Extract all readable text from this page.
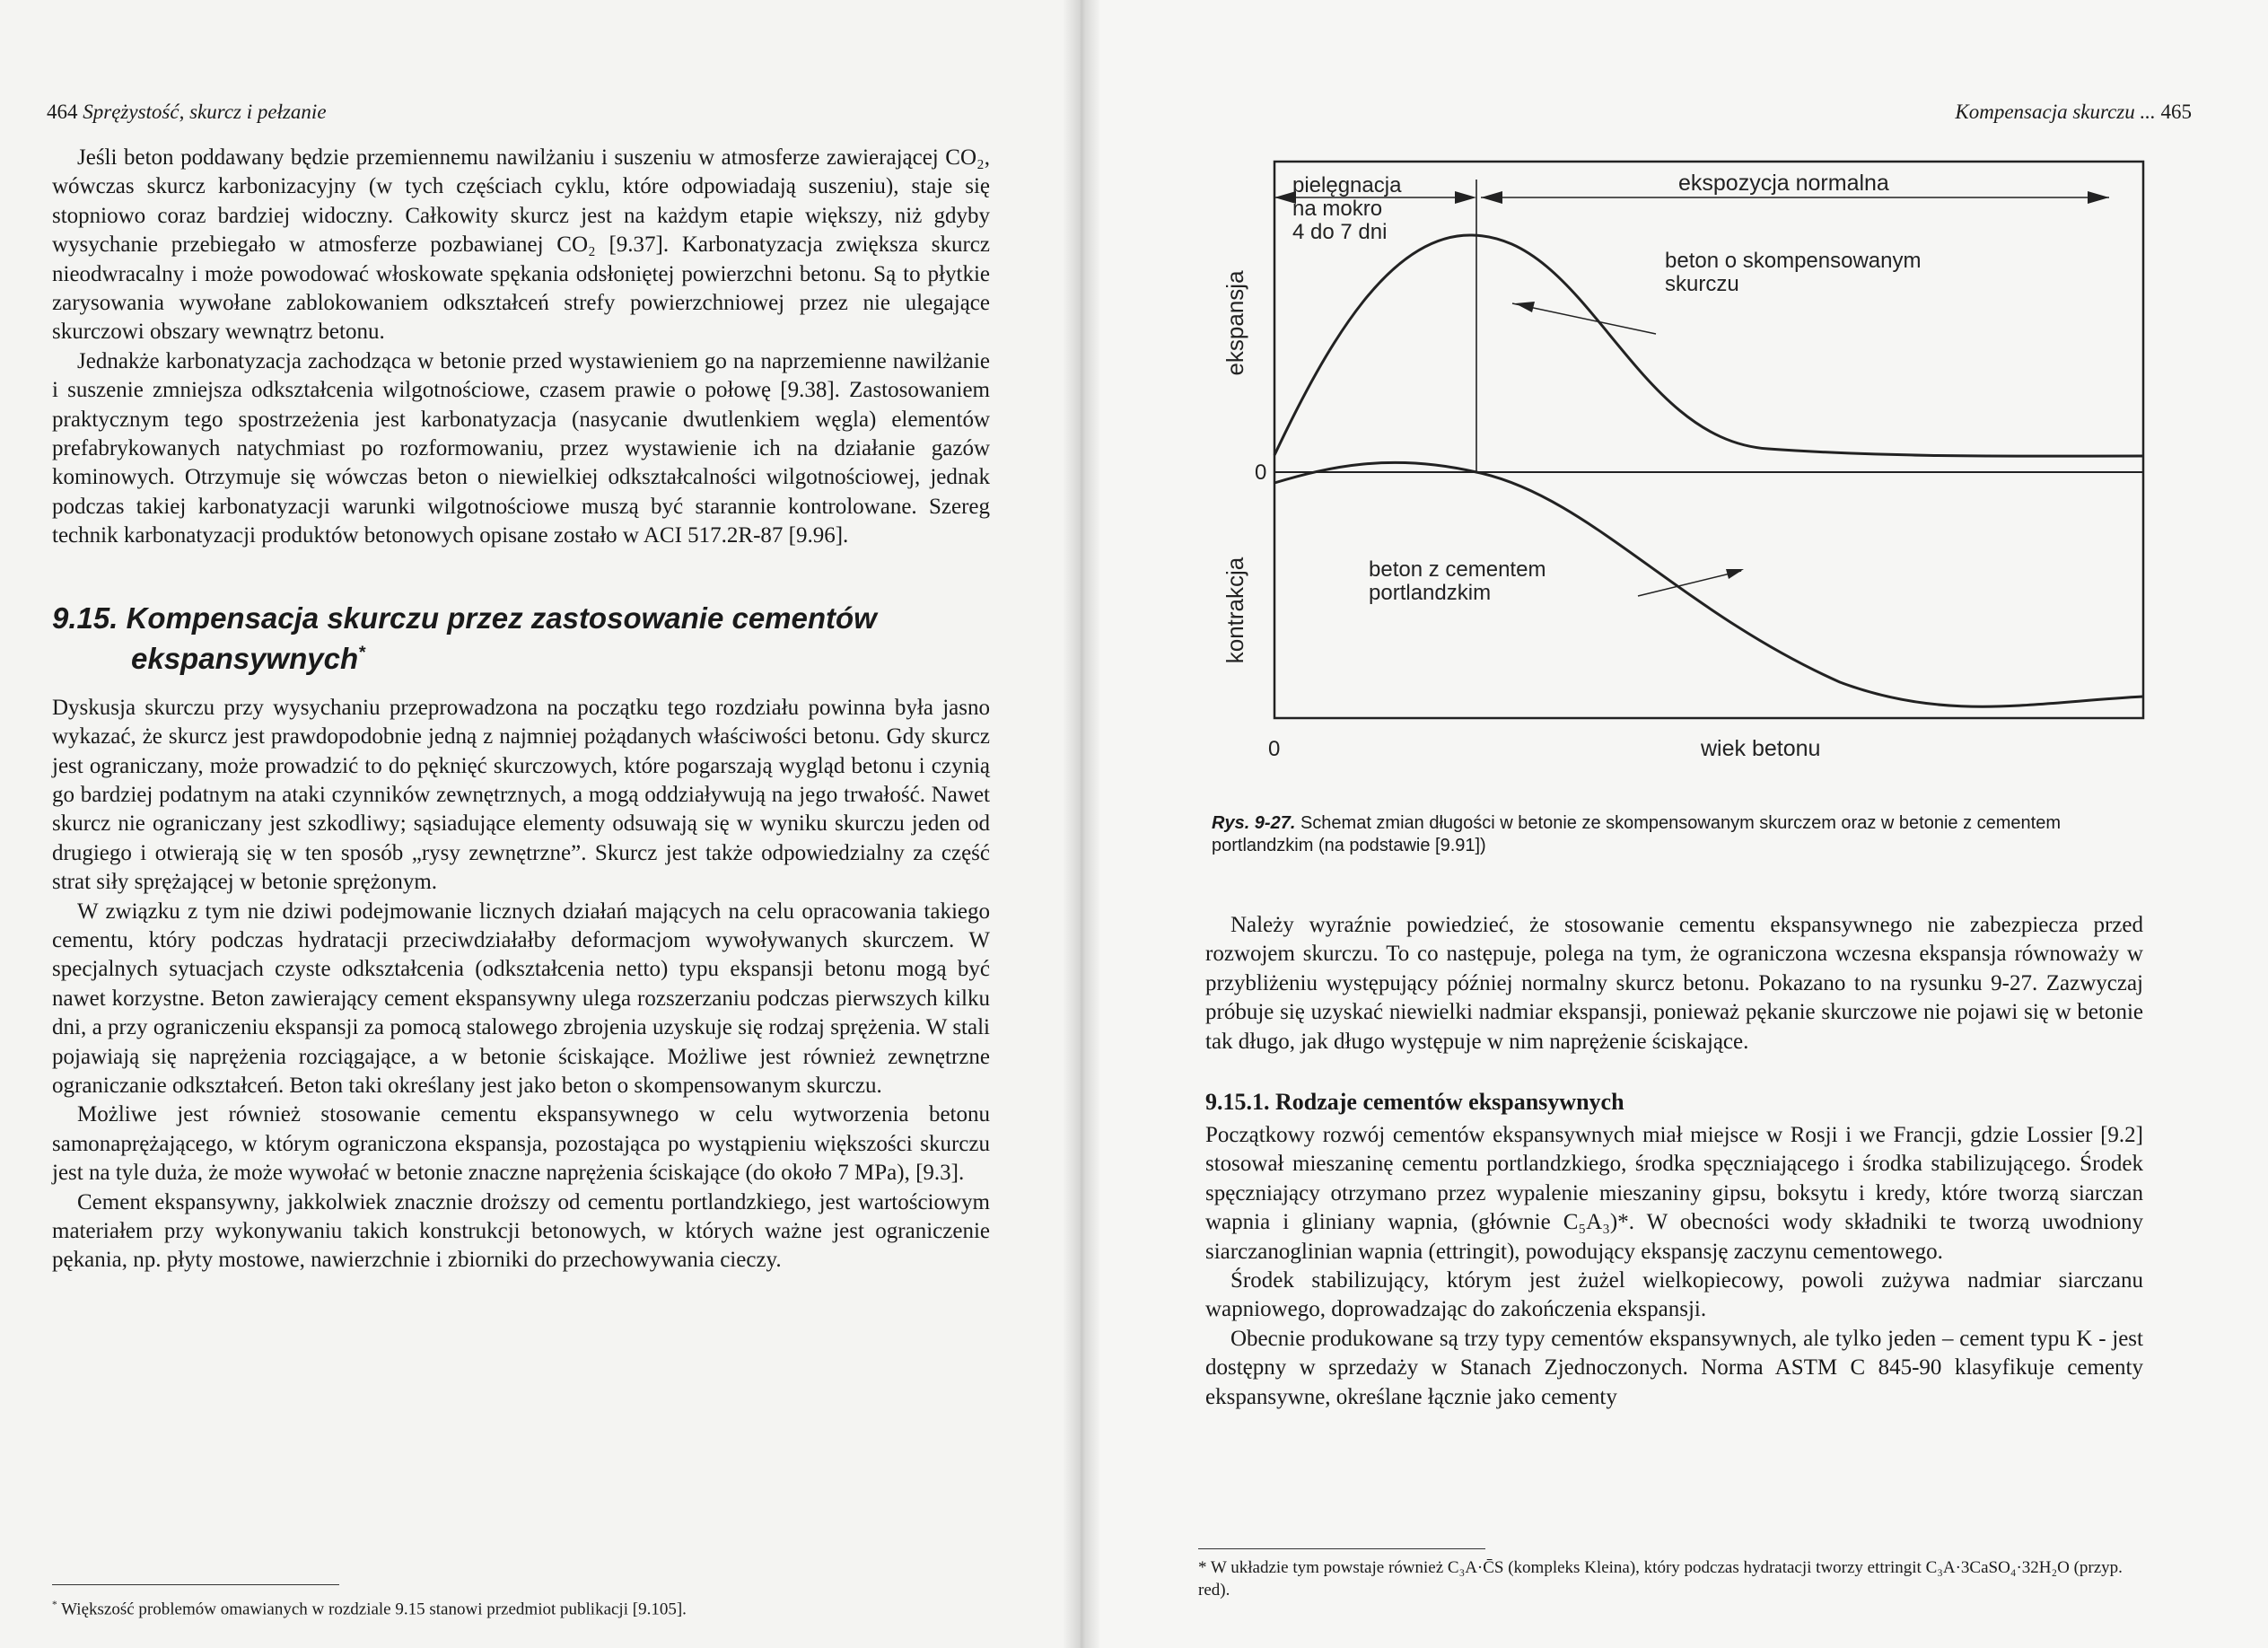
464 Sprężystość, skurcz i pełzanie

Jeśli beton poddawany będzie przemiennemu nawilżaniu i suszeniu w atmosferze zawierającej CO₂, wówczas skurcz karbonizacyjny (w tych częściach cyklu, które odpowiadają suszeniu), staje się stopniowo coraz bardziej widoczny. Całkowity skurcz jest na każdym etapie większy, niż gdyby wysychanie przebiegało w atmosferze pozbawianej CO₂ [9.37]. Karbonatyzacja zwiększa skurcz nieodwracalny i może powodować włoskowate spękania odsłoniętej powierzchni betonu. Są to płytkie zarysowania wywołane zablokowaniem odkształceń strefy powierzchniowej przez nie ulegające skurczowi obszary wewnątrz betonu.

Jednakże karbonatyzacja zachodząca w betonie przed wystawieniem go na naprzemienne nawilżanie i suszenie zmniejsza odkształcenia wilgotnościowe, czasem prawie o połowę [9.38]. Zastosowaniem praktycznym tego spostrzeżenia jest karbonatyzacja (nasycanie dwutlenkiem węgla) elementów prefabrykowanych natychmiast po rozformowaniu, przez wystawienie ich na działanie gazów kominowych. Otrzymuje się wówczas beton o niewielkiej odkształcalności wilgotnościowej, jednak podczas takiej karbonatyzacji warunki wilgotnościowe muszą być starannie kontrolowane. Szereg technik karbonatyzacji produktów betonowych opisane zostało w ACI 517.2R-87 [9.96].

9.15. Kompensacja skurczu przez zastosowanie cementów ekspansywnych*

Dyskusja skurczu przy wysychaniu przeprowadzona na początku tego rozdziału powinna była jasno wykazać, że skurcz jest prawdopodobnie jedną z najmniej pożądanych właściwości betonu. Gdy skurcz jest ograniczany, może prowadzić to do pęknięć skurczowych, które pogarszają wygląd betonu i czynią go bardziej podatnym na ataki czynników zewnętrznych, a mogą oddziaływują na jego trwałość. Nawet skurcz nie ograniczany jest szkodliwy; sąsiadujące elementy odsuwają się w wyniku skurczu jeden od drugiego i otwierają się w ten sposób „rysy zewnętrzne”. Skurcz jest także odpowiedzialny za część strat siły sprężającej w betonie sprężonym.

W związku z tym nie dziwi podejmowanie licznych działań mających na celu opracowania takiego cementu, który podczas hydratacji przeciwdziałałby deformacjom wywoływanych skurczem. W specjalnych sytuacjach czyste odkształcenia (odkształcenia netto) typu ekspansji betonu mogą być nawet korzystne. Beton zawierający cement ekspansywny ulega rozszerzaniu podczas pierwszych kilku dni, a przy ograniczeniu ekspansji za pomocą stalowego zbrojenia uzyskuje się rodzaj sprężenia. W stali pojawiają się naprężenia rozciągające, a w betonie ściskające. Możliwe jest również zewnętrzne ograniczanie odkształceń. Beton taki określany jest jako beton o skompensowanym skurczu.

Możliwe jest również stosowanie cementu ekspansywnego w celu wytworzenia betonu samonaprężającego, w którym ograniczona ekspansja, pozostająca po wystąpieniu większości skurczu jest na tyle duża, że może wywołać w betonie znaczne naprężenia ściskające (do około 7 MPa), [9.3].

Cement ekspansywny, jakkolwiek znacznie droższy od cementu portlandzkiego, jest wartościowym materiałem przy wykonywaniu takich konstrukcji betonowych, w których ważne jest ograniczenie pękania, np. płyty mostowe, nawierzchnie i zbiorniki do przechowywania cieczy.

* Większość problemów omawianych w rozdziale 9.15 stanowi przedmiot publikacji [9.105].
Kompensacja skurczu ... 465

Należy wyraźnie powiedzieć, że stosowanie cementu ekspansywnego nie zabezpiecza przed rozwojem skurczu. To co następuje, polega na tym, że ograniczona wczesna ekspansja równoważy w przybliżeniu występujący później normalny skurcz betonu. Pokazano to na rysunku 9-27. Zazwyczaj próbuje się uzyskać niewielki nadmiar ekspansji, ponieważ pękanie skurczowe nie pojawi się w betonie tak długo, jak długo występuje w nim naprężenie ściskające.

9.15.1. Rodzaje cementów ekspansywnych

Początkowy rozwój cementów ekspansywnych miał miejsce w Rosji i we Francji, gdzie Lossier [9.2] stosował mieszaninę cementu portlandzkiego, środka spęczniającego i środka stabilizującego. Środek spęczniający otrzymano przez wypalenie mieszaniny gipsu, boksytu i kredy, które tworzą siarczan wapnia i gliniany wapnia, (głównie C₅A₃)*. W obecności wody składniki te tworzą uwodniony siarczanoglinian wapnia (ettringit), powodujący ekspansję zaczynu cementowego.

Środek stabilizujący, którym jest żużel wielkopiecowy, powoli zużywa nadmiar siarczanu wapniowego, doprowadzając do zakończenia ekspansji.

Obecnie produkowane są trzy typy cementów ekspansywnych, ale tylko jeden – cement typu K - jest dostępny w sprzedaży w Stanach Zjednoczonych. Norma ASTM C 845-90 klasyfikuje cementy ekspansywne, określane łącznie jako cementy

pielęgnacja
na mokro
4 do 7 dni
ekspozycja normalna
beton o skompensowanym
skurczu
beton z cementem
portlandzkim
ekspansja
kontrakcja
0
0	wiek betonu
Rys. 9-27. Schemat zmian długości w betonie ze skompensowanym skurczem oraz w betonie z cementem portlandzkim (na podstawie [9.91])
* W układzie tym powstaje również C₃A·C̄S (kompleks Kleina), który podczas hydratacji tworzy ettringit C₃A·3CaSO₄·32H₂O (przyp. red).
